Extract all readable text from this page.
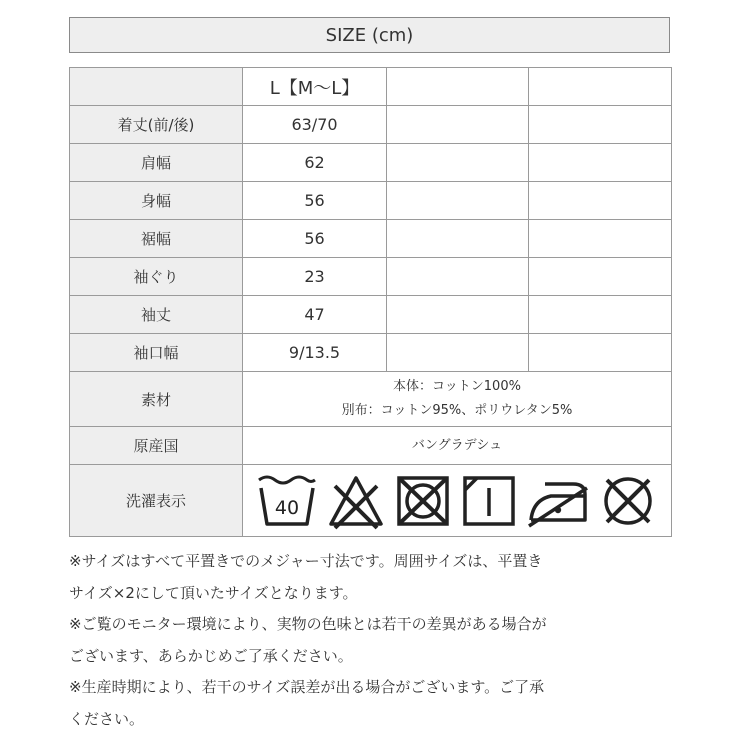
SIZE (cm)
	L【M〜L】		
着丈(前/後)	63/70		
肩幅	62		
身幅	56		
裾幅	56		
袖ぐり	23		
袖丈	47		
袖口幅	9/13.5		
素材	本体：コットン100%
別布：コットン95%、ポリウレタン5%		

原産国	バングラデシュ		
洗濯表示	40		

※サイズはすべて平置きでのメジャー寸法です。周囲サイズは、平置き

サイズ×2にして頂いたサイズとなります。

※ご覧のモニター環境により、実物の色味とは若干の差異がある場合が

ございます、あらかじめご了承ください。

※生産時期により、若干のサイズ誤差が出る場合がございます。ご了承

ください。
